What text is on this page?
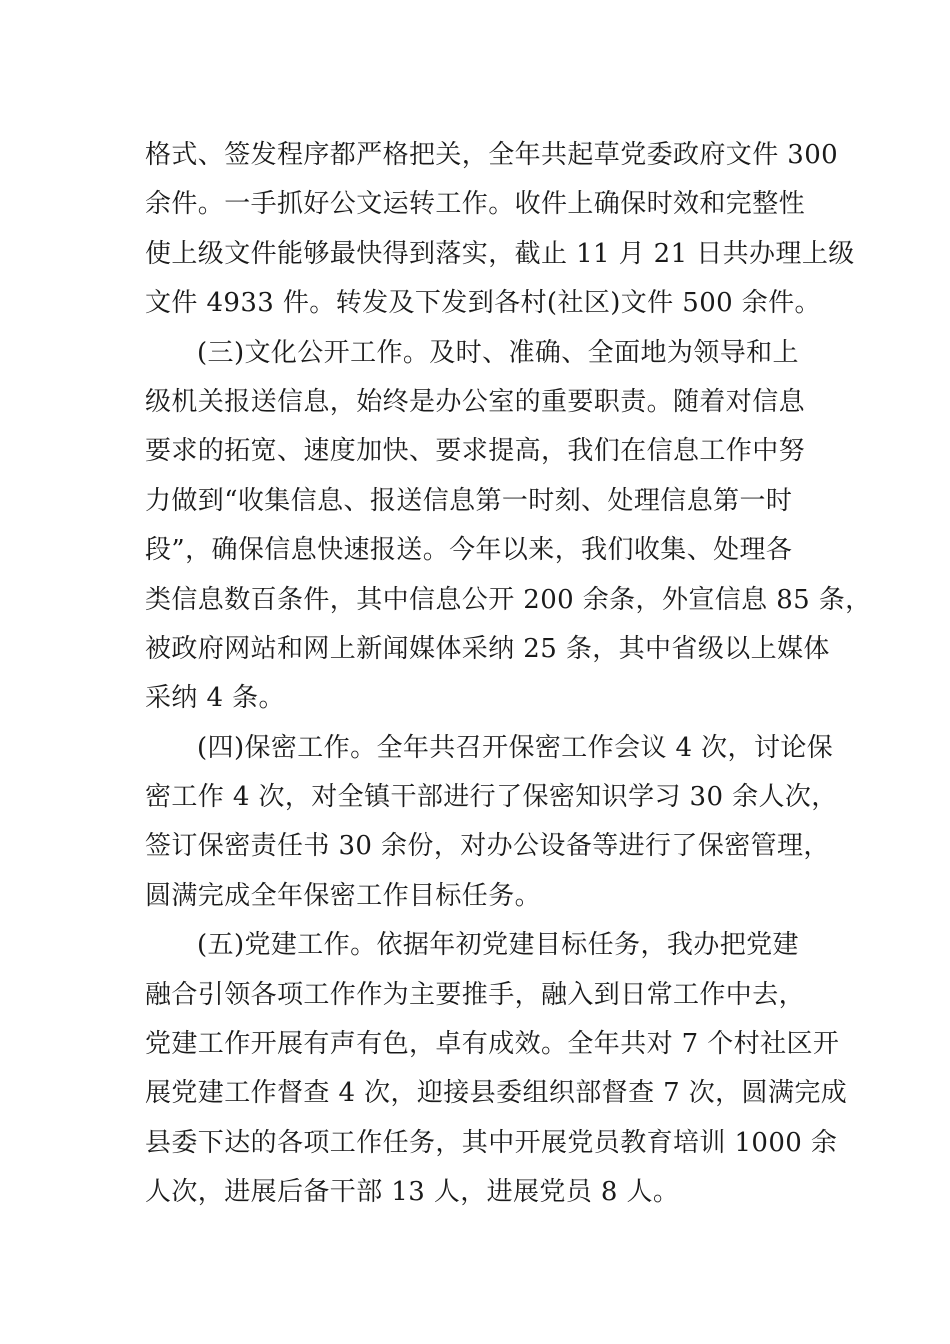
格式、签发程序都严格把关，全年共起草党委政府文件 300
余件。一手抓好公文运转工作。收件上确保时效和完整性
使上级文件能够最快得到落实，截止 11 月 21 日共办理上级
文件 4933 件。转发及下发到各村(社区)文件 500 余件。
(三)文化公开工作。及时、准确、全面地为领导和上
级机关报送信息，始终是办公室的重要职责。随着对信息
要求的拓宽、速度加快、要求提高，我们在信息工作中努
力做到“收集信息、报送信息第一时刻、处理信息第一时
段”，确保信息快速报送。今年以来，我们收集、处理各
类信息数百条件，其中信息公开 200 余条，外宣信息 85 条，
被政府网站和网上新闻媒体采纳 25 条，其中省级以上媒体
采纳 4 条。
(四)保密工作。全年共召开保密工作会议 4 次，讨论保
密工作 4 次，对全镇干部进行了保密知识学习 30 余人次，
签订保密责任书 30 余份，对办公设备等进行了保密管理，
圆满完成全年保密工作目标任务。
(五)党建工作。依据年初党建目标任务，我办把党建
融合引领各项工作作为主要推手，融入到日常工作中去，
党建工作开展有声有色，卓有成效。全年共对 7 个村社区开
展党建工作督查 4 次，迎接县委组织部督查 7 次，圆满完成
县委下达的各项工作任务，其中开展党员教育培训 1000 余
人次，进展后备干部 13 人，进展党员 8 人。
